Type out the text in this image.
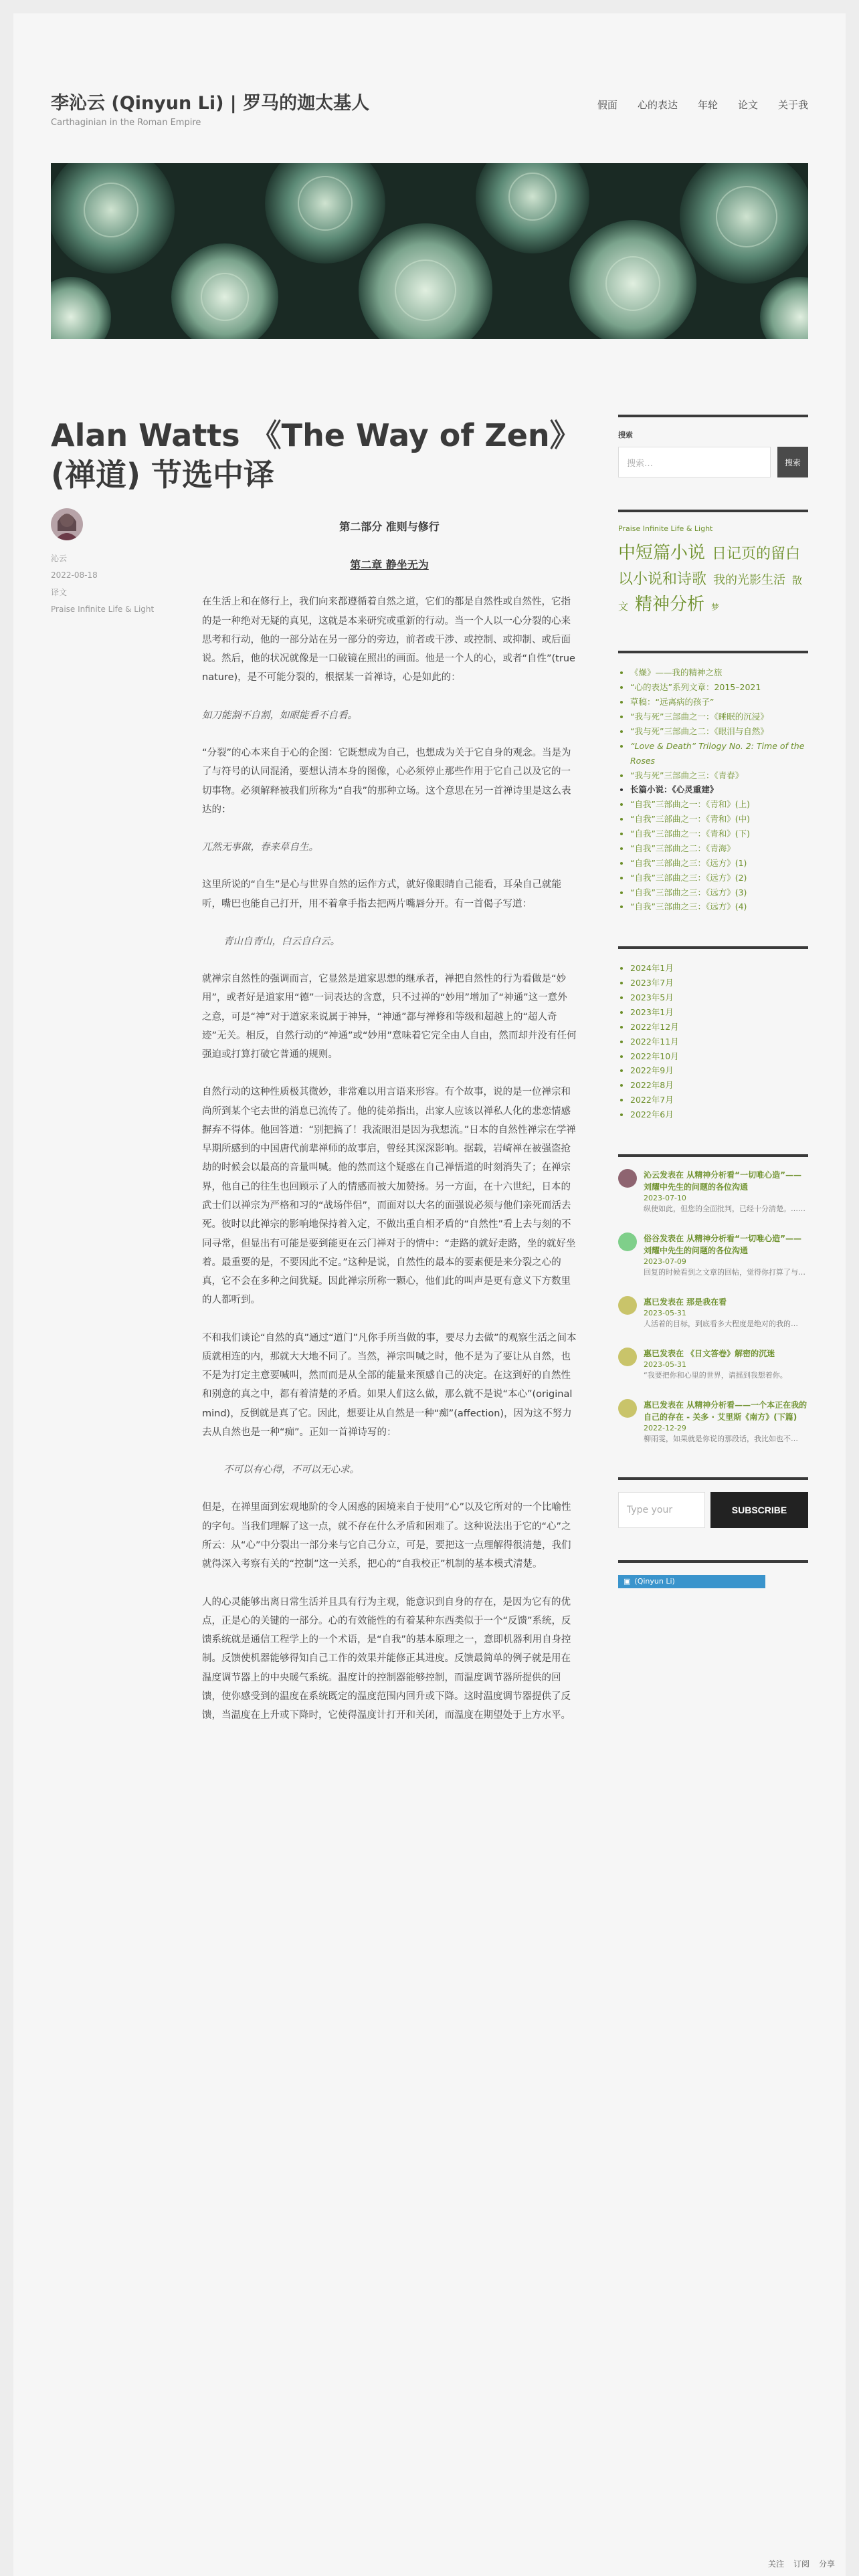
李沁云 (Qinyun Li) | 罗马的迦太基人
Carthaginian in the Roman Empire
假面 心的表达 年轮 论文 关于我
Alan Watts 《The Way of Zen》(禅道) 节选中译
沁云
2022-08-18
译文
Praise Infinite Life & Light
第二部分 准则与修行
第二章 静坐无为

在生活上和在修行上，我们向来都遵循着自然之道，它们的都是自然性或自然性，它指的是一种绝对无疑的真见，这就是本来研究或重新的行动。当一个人以一心分裂的心来思考和行动，他的一部分站在另一部分的旁边，前者或干涉、或控制、或抑制、或后面说。然后，他的状况就像是一口破镜在照出的画面。他是一个人的心，或者“自性”(true nature)，是不可能分裂的，根据某一首禅诗，心是如此的：

如刀能割不自割，如眼能看不自看。

“分裂”的心本来自于心的企图：它既想成为自己，也想成为关于它自身的观念。当是为了与符号的认同混淆，要想认清本身的图像，心必须停止那些作用于它自己以及它的一切事物。必须解释被我们所称为“自我”的那种立场。这个意思在另一首禅诗里是这么表达的：

兀然无事做，春来草自生。

这里所说的“自生”是心与世界自然的运作方式，就好像眼睛自己能看，耳朵自己就能听，嘴巴也能自己打开，用不着拿手指去把两片嘴唇分开。有一首偈子写道：

青山自青山，白云自白云。

就禅宗自然性的强调而言，它显然是道家思想的继承者，禅把自然性的行为看做是“妙用”，或者好是道家用“德”一词表达的含意，只不过禅的“妙用”增加了“神通”这一意外之意，可是“神”对于道家来说属于神异，“神通”都与禅修和等级和超越上的“超人奇迹”无关。相反，自然行动的“神通”或“妙用”意味着它完全由人自由，然而却并没有任何强迫或打算打破它普通的规则。

自然行动的这种性质极其微妙，非常难以用言语来形容。有个故事，说的是一位禅宗和尚所到某个宅去世的消息已流传了。他的徒弟指出，出家人应该以禅私人化的悲恋情感摒弃不得体。他回答道：“别把搞了！我流眼泪是因为我想流。”日本的自然性禅宗在学禅早期所感到的中国唐代前辈禅师的故事启，曾经其深深影响。据载，岩崎禅在被强盗抢劫的时候会以最高的音量叫喊。他的然而这个疑惑在自己禅悟道的时刻消失了；在禅宗界，他自己的往生也回顾示了人的情感而被大加赞扬。另一方面，在十六世纪，日本的武士们以禅宗为严格和习的“战场伴侣”，而面对以大名的面强说必须与他们亲死而活去死。彼时以此禅宗的影响地保持着入定，不做出重自相矛盾的“自然性”看上去与刻的不同寻常，但显出有可能是要到能更在云门禅对于的情中：“走路的就好走路，坐的就好坐着。最重要的是，不要因此不定。”这种是说，自然性的最本的要素便是来分裂之心的真，它不会在多种之间犹疑。因此禅宗所称一颗心，他们此的叫声是更有意义下方数里的人都听到。

不和我们谈论“自然的真”通过“道门”凡你手所当做的事，要尽力去做”的观察生活之间本质就相连的内，那就大大地不同了。当然，禅宗叫喊之时，他不是为了要让从自然，也不是为打定主意要喊叫，然而而是从全部的能量来预感自己的决定。在这到好的自然性和别意的真之中，都有着清楚的矛盾。如果人们这么做，那么就不是说“本心”(original mind)，反倒就是真了它。因此，想要让从自然是一种“痴”(affection)，因为这不努力去从自然也是一种“痴”。正如一首禅诗写的：

不可以有心得，不可以无心求。

但是，在禅里面到宏观地阶的令人困惑的困境来自于使用“心”以及它所对的一个比喻性的字句。当我们理解了这一点，就不存在什么矛盾和困难了。这种说法出于它的“心”之所云：从“心”中分裂出一部分来与它自己分立，可是，要把这一点理解得很清楚，我们就得深入考察有关的“控制”这一关系，把心的“自我校正”机制的基本模式清楚。

人的心灵能够出离日常生活并且具有行为主观，能意识到自身的存在，是因为它有的优点，正是心的关键的一部分。心的有效能性的有着某种东西类似于一个“反馈”系统，反馈系统就是通信工程学上的一个术语，是“自我”的基本原理之一，意即机器利用自身控制。反馈使机器能够得知自己工作的效果并能修正其进度。反馈最简单的例子就是用在温度调节器上的中央暖气系统。温度计的控制器能够控制，而温度调节器所提供的回馈，使你感受到的温度在系统既定的温度范围内回升或下降。这时温度调节器提供了反馈，当温度在上升或下降时，它使得温度计打开和关闭，而温度在期望处于上方水平。

搜索
搜索…	搜索
Praise Infinite Life & Light
中短篇小说 日记页的留白 以小说和诗歌 我的光影生活 散文 精神分析 梦
• 《燥》——我的精神之旅
• “心的表达”系列文章：2015–2021
• 草稿：“远离病的孩子”
• “我与死”三部曲之一：《睡眠的沉浸》
• “我与死”三部曲之二：《眼泪与自然》
• “Love & Death” Trilogy No. 2: Time of the Roses
• “我与死”三部曲之三：《青春》
• 长篇小说：《心灵重建》
• “自我”三部曲之一：《青和》(上)
• “自我”三部曲之一：《青和》(中)
• “自我”三部曲之一：《青和》(下)
• “自我”三部曲之二：《青海》
• “自我”三部曲之三：《远方》(1)
• “自我”三部曲之三：《远方》(2)
• “自我”三部曲之三：《远方》(3)
• “自我”三部曲之三：《远方》(4)
• 2024年1月
• 2023年7月
• 2023年5月
• 2023年1月
• 2022年12月
• 2022年11月
• 2022年10月
• 2022年9月
• 2022年8月
• 2022年7月
• 2022年6月
沁云发表在 从精神分析看“一切唯心造”——刘耀中先生的问题的各位沟通
2023-07-10
纵使如此，但您的全面批判，已经十分清楚。……
俗谷发表在 从精神分析看“一切唯心造”——刘耀中先生的问题的各位沟通
2023-07-09
回复的时候看到之文章的回帖，觉得你打算了与…
惠已发表在 那是我在看
2023-05-31
人活着的目标，到底看多大程度是绝对的我的…
惠已发表在 《日文答卷》解密的沉迷
2023-05-31
“我要把你和心里的世界，请摇到我想着你。
惠已发表在 从精神分析看——一个本正在我的自己的存在 - 关多 · 艾里斯《南方》(下篇)
2022-12-29
柳雨雯，如果就是你说的那段话，我比如也不…
Type your	SUBSCRIBE
▣ (Qinyun Li)
关注 订阅 分享
